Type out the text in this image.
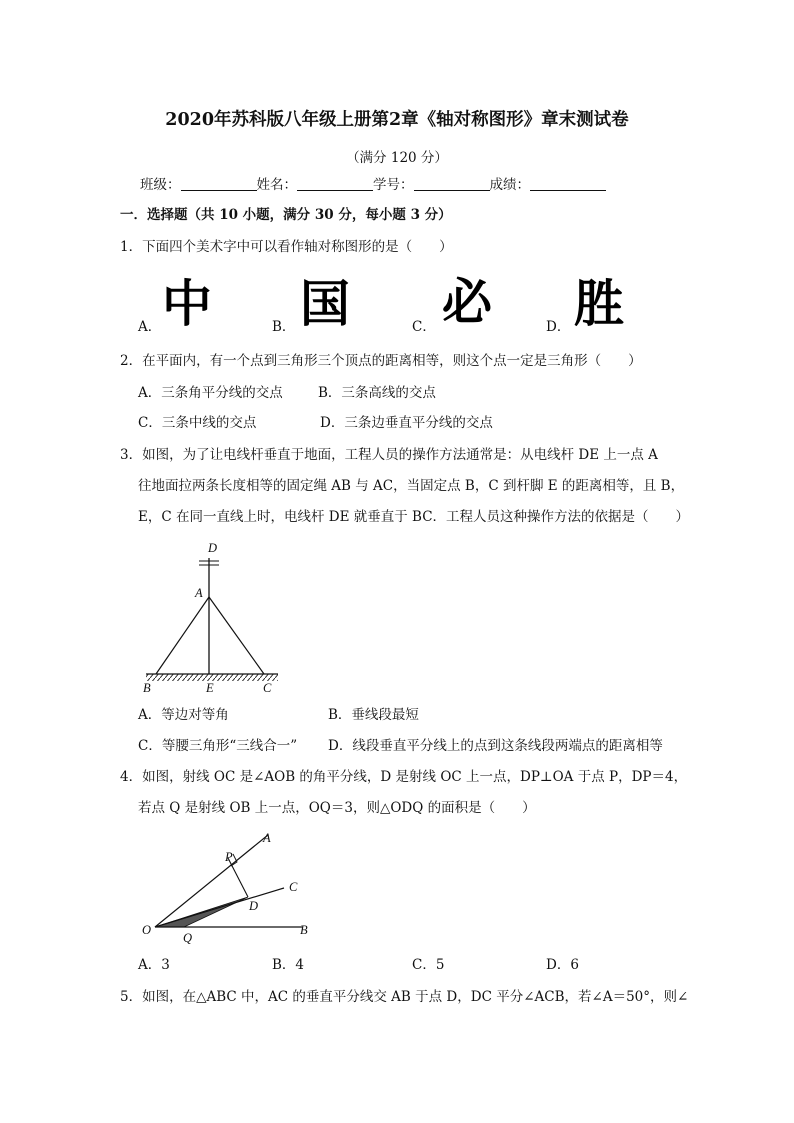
2020年苏科版八年级上册第2章《轴对称图形》章末测试卷
（满分 120 分）
班级：	姓名：	学号：	成绩：
一．选择题（共 10 小题，满分 30 分，每小题 3 分）
1．下面四个美术字中可以看作轴对称图形的是（　　）
A． 中	B． 国	C． 必	D． 胜
2．在平面内，有一个点到三角形三个顶点的距离相等，则这个点一定是三角形（　　）
A．三条角平分线的交点	B．三条高线的交点
C．三条中线的交点	D．三条边垂直平分线的交点
3．如图，为了让电线杆垂直于地面，工程人员的操作方法通常是：从电线杆 DE 上一点 A
往地面拉两条长度相等的固定绳 AB 与 AC，当固定点 B，C 到杆脚 E 的距离相等，且 B，
E，C 在同一直线上时，电线杆 DE 就垂直于 BC．工程人员这种操作方法的依据是（　　）
D
A
B	E	C
A．等边对等角	B．垂线段最短
C．等腰三角形“三线合一” D．线段垂直平分线上的点到这条线段两端点的距离相等
4．如图，射线 OC 是∠AOB 的角平分线，D 是射线 OC 上一点，DP⊥OA 于点 P，DP＝4，
若点 Q 是射线 OB 上一点，OQ＝3，则△ODQ 的面积是（　　）
A
P
C
D
O
Q
B
A．3	B．4	C．5	D．6
5．如图，在△ABC 中，AC 的垂直平分线交 AB 于点 D，DC 平分∠ACB，若∠A＝50°，则∠
